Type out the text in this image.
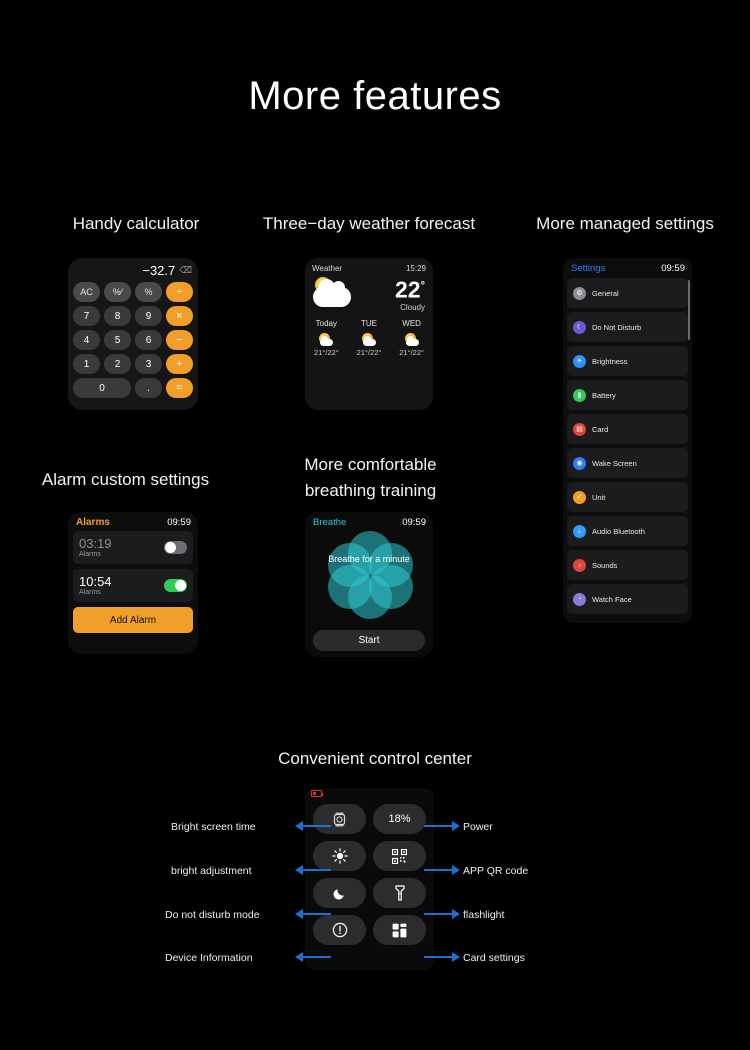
More features
Handy calculator	Three−day weather forecast	More managed settings
Alarm custom settings
More comfortable
breathing training
Convenient control center
−32.7 ⌫
AC	%⁄	%	÷
7	8	9	×
4	5	6	−
1	2	3	+
0	.	=
Weather	15:29
22°
Cloudy
Today
21°/22°
TUE
21°/22°
WED
21°/22°
Settings	09:59
⚙	General
☾	Do Not Disturb
☀	Brightness
▮	Battery
▤	Card
◉	Wake Screen
✓	Unit
ᛦ	Audio Bluetooth
♪	Sounds
◔	Watch Face
Alarms	09:59
03:19
Alarms
10:54
Alarms
Add Alarm
Breathe	09:59
Breathe for a minute
Start
18%
Bright screen time
bright adjustment
Do not disturb mode
Device Information
Power
APP QR code
flashlight
Card settings
